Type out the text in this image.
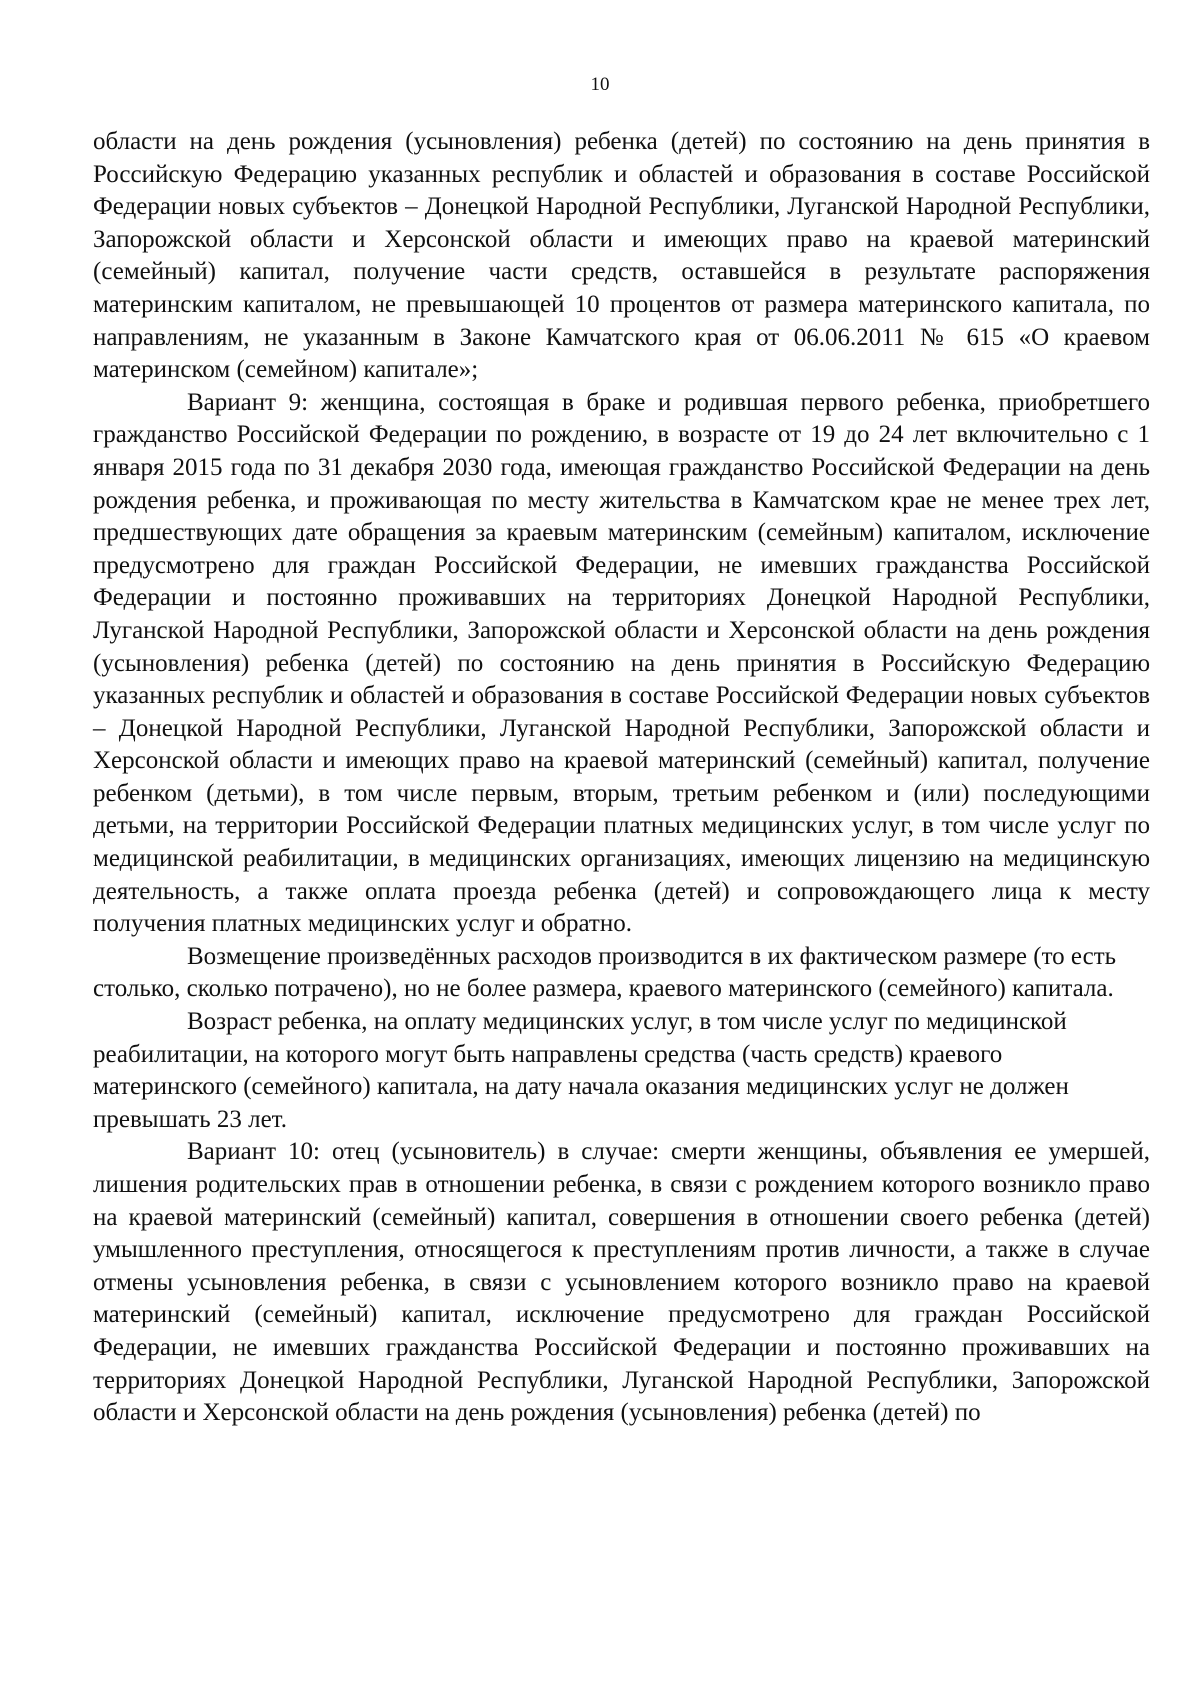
10

области на день рождения (усыновления) ребенка (детей) по состоянию на день принятия в Российскую Федерацию указанных республик и областей и образования в составе Российской Федерации новых субъектов – Донецкой Народной Республики, Луганской Народной Республики, Запорожской области и Херсонской области и имеющих право на краевой материнский (семейный) капитал, получение части средств, оставшейся в результате распоряжения материнским капиталом, не превышающей 10 процентов от размера материнского капитала, по направлениям, не указанным в Законе Камчатского края от 06.06.2011 № 615 «О краевом материнском (семейном) капитале»;

Вариант 9: женщина, состоящая в браке и родившая первого ребенка, приобретшего гражданство Российской Федерации по рождению, в возрасте от 19 до 24 лет включительно с 1 января 2015 года по 31 декабря 2030 года, имеющая гражданство Российской Федерации на день рождения ребенка, и проживающая по месту жительства в Камчатском крае не менее трех лет, предшествующих дате обращения за краевым материнским (семейным) капиталом, исключение предусмотрено для граждан Российской Федерации, не имевших гражданства Российской Федерации и постоянно проживавших на территориях Донецкой Народной Республики, Луганской Народной Республики, Запорожской области и Херсонской области на день рождения (усыновления) ребенка (детей) по состоянию на день принятия в Российскую Федерацию указанных республик и областей и образования в составе Российской Федерации новых субъектов – Донецкой Народной Республики, Луганской Народной Республики, Запорожской области и Херсонской области и имеющих право на краевой материнский (семейный) капитал, получение ребенком (детьми), в том числе первым, вторым, третьим ребенком и (или) последующими детьми, на территории Российской Федерации платных медицинских услуг, в том числе услуг по медицинской реабилитации, в медицинских организациях, имеющих лицензию на медицинскую деятельность, а также оплата проезда ребенка (детей) и сопровождающего лица к месту получения платных медицинских услуг и обратно.

Возмещение произведённых расходов производится в их фактическом размере (то есть столько, сколько потрачено), но не более размера, краевого материнского (семейного) капитала.

Возраст ребенка, на оплату медицинских услуг, в том числе услуг по медицинской реабилитации, на которого могут быть направлены средства (часть средств) краевого материнского (семейного) капитала, на дату начала оказания медицинских услуг не должен превышать 23 лет.

Вариант 10: отец (усыновитель) в случае: смерти женщины, объявления ее умершей, лишения родительских прав в отношении ребенка, в связи с рождением которого возникло право на краевой материнский (семейный) капитал, совершения в отношении своего ребенка (детей) умышленного преступления, относящегося к преступлениям против личности, а также в случае отмены усыновления ребенка, в связи с усыновлением которого возникло право на краевой материнский (семейный) капитал, исключение предусмотрено для граждан Российской Федерации, не имевших гражданства Российской Федерации и постоянно проживавших на территориях Донецкой Народной Республики, Луганской Народной Республики, Запорожской области и Херсонской области на день рождения (усыновления) ребенка (детей) по
